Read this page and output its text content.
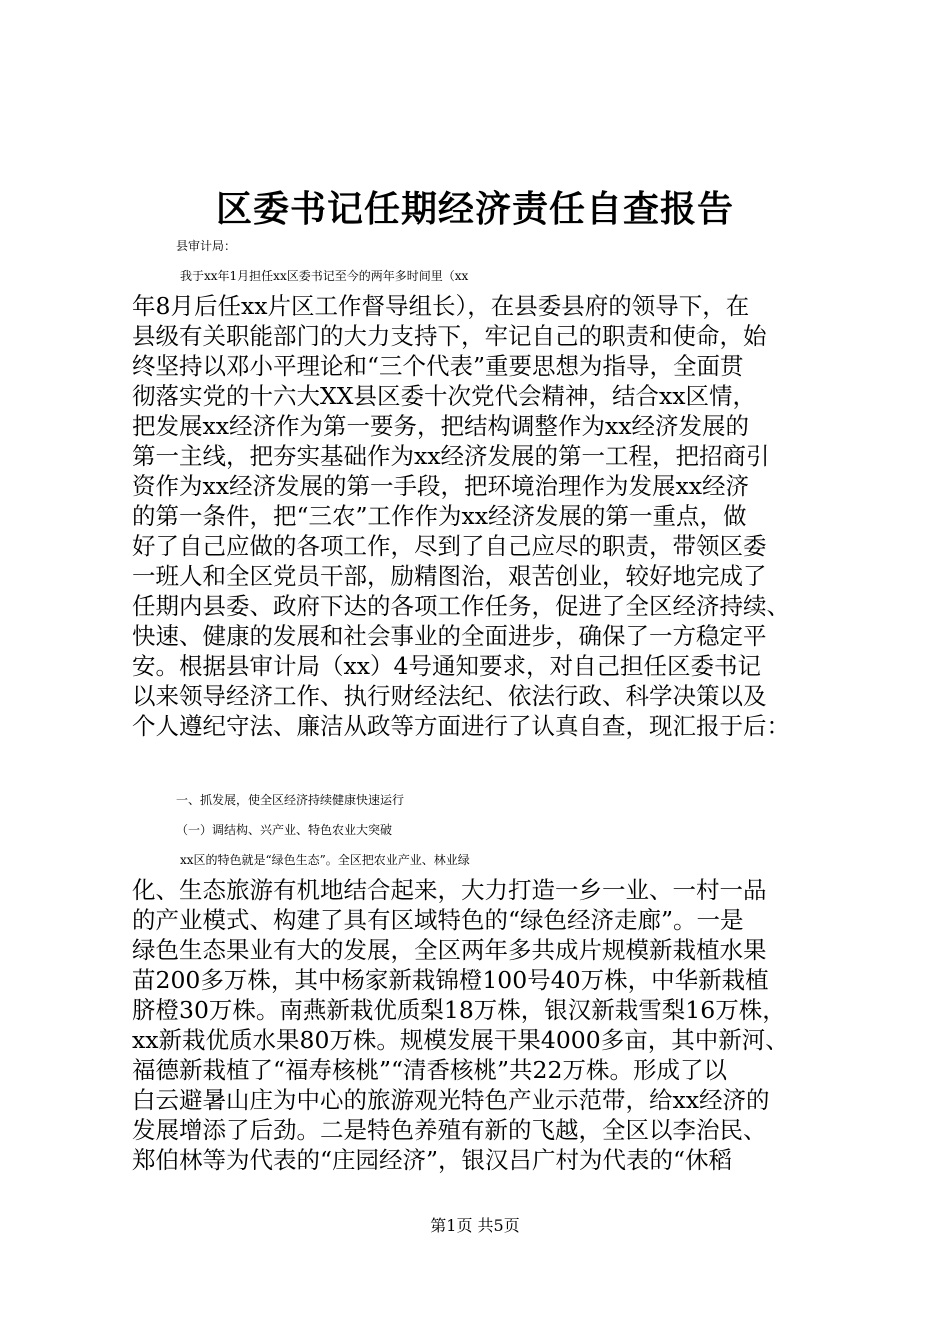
区委书记任期经济责任自查报告
县审计局：
我于xx年1月担任xx区委书记至今的两年多时间里（xx
年8月后任xx片区工作督导组长），在县委县府的领导下，在
县级有关职能部门的大力支持下，牢记自己的职责和使命，始
终坚持以邓小平理论和“三个代表”重要思想为指导，全面贯
彻落实党的十六大XX县区委十次党代会精神，结合xx区情，
把发展xx经济作为第一要务，把结构调整作为xx经济发展的
第一主线，把夯实基础作为xx经济发展的第一工程，把招商引
资作为xx经济发展的第一手段，把环境治理作为发展xx经济
的第一条件，把“三农”工作作为xx经济发展的第一重点，做
好了自己应做的各项工作，尽到了自己应尽的职责，带领区委
一班人和全区党员干部，励精图治，艰苦创业，较好地完成了
任期内县委、政府下达的各项工作任务，促进了全区经济持续、
快速、健康的发展和社会事业的全面进步，确保了一方稳定平
安。根据县审计局（xx）4号通知要求，对自己担任区委书记
以来领导经济工作、执行财经法纪、依法行政、科学决策以及
个人遵纪守法、廉洁从政等方面进行了认真自查，现汇报于后：
一、抓发展，使全区经济持续健康快速运行
（一）调结构、兴产业、特色农业大突破
xx区的特色就是“绿色生态”。全区把农业产业、林业绿
化、生态旅游有机地结合起来，大力打造一乡一业、一村一品
的产业模式、构建了具有区域特色的“绿色经济走廊”。一是
绿色生态果业有大的发展，全区两年多共成片规模新栽植水果
苗200多万株，其中杨家新栽锦橙100号40万株，中华新栽植
脐橙30万株。南燕新栽优质梨18万株，银汉新栽雪梨16万株，
xx新栽优质水果80万株。规模发展干果4000多亩，其中新河、
福德新栽植了“福寿核桃”“清香核桃”共22万株。形成了以
白云避暑山庄为中心的旅游观光特色产业示范带，给xx经济的
发展增添了后劲。二是特色养殖有新的飞越，全区以李治民、
郑伯林等为代表的“庄园经济”，银汉吕广村为代表的“休稻
第1页 共5页
